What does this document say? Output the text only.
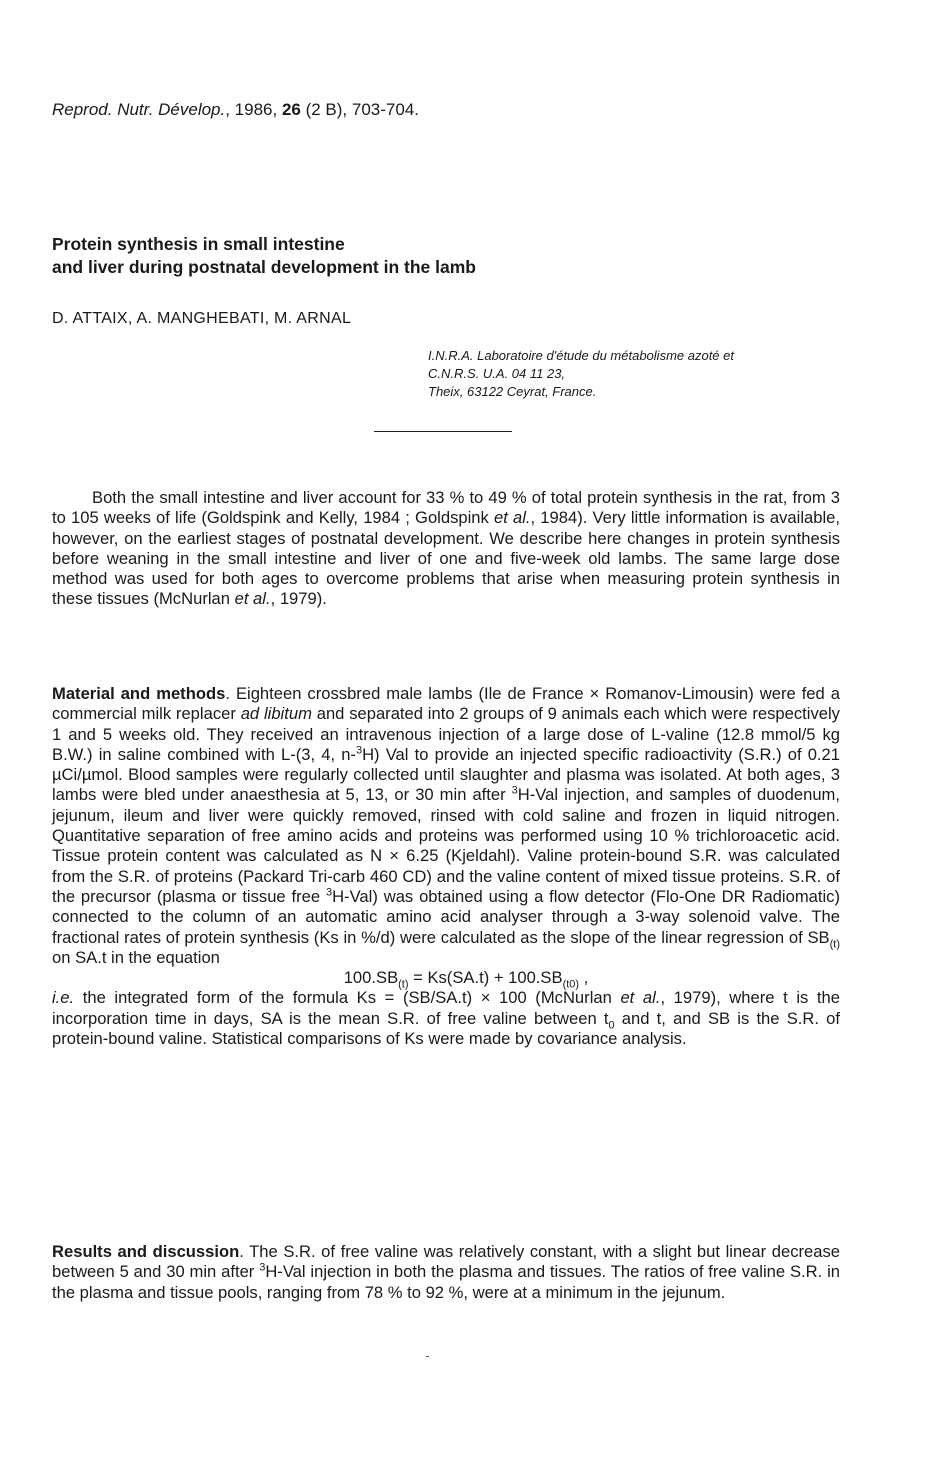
Reprod. Nutr. Dévelop., 1986, 26 (2 B), 703-704.
Protein synthesis in small intestine
and liver during postnatal development in the lamb
D. ATTAIX, A. MANGHEBATI, M. ARNAL
I.N.R.A. Laboratoire d'étude du métabolisme azoté et
C.N.R.S. U.A. 04 11 23,
Theix, 63122 Ceyrat, France.
Both the small intestine and liver account for 33 % to 49 % of total protein synthesis in the rat, from 3 to 105 weeks of life (Goldspink and Kelly, 1984 ; Goldspink et al., 1984). Very little information is available, however, on the earliest stages of postnatal development. We describe here changes in protein synthesis before weaning in the small intestine and liver of one and five-week old lambs. The same large dose method was used for both ages to overcome problems that arise when measuring protein synthesis in these tissues (McNurlan et al., 1979).
Material and methods. Eighteen crossbred male lambs (Ile de France × Romanov-Limousin) were fed a commercial milk replacer ad libitum and separated into 2 groups of 9 animals each which were respectively 1 and 5 weeks old. They received an intravenous injection of a large dose of L-valine (12.8 mmol/5 kg B.W.) in saline combined with L-(3, 4, n-$^3$H) Val to provide an injected specific radioactivity (S.R.) of 0.21 µCi/µmol. Blood samples were regularly collected until slaughter and plasma was isolated. At both ages, 3 lambs were bled under anaesthesia at 5, 13, or 30 min after $^3$H-Val injection, and samples of duodenum, jejunum, ileum and liver were quickly removed, rinsed with cold saline and frozen in liquid nitrogen. Quantitative separation of free amino acids and proteins was performed using 10 % trichloroacetic acid. Tissue protein content was calculated as N × 6.25 (Kjeldahl). Valine protein-bound S.R. was calculated from the S.R. of proteins (Packard Tri-carb 460 CD) and the valine content of mixed tissue proteins. S.R. of the precursor (plasma or tissue free $^3$H-Val) was obtained using a flow detector (Flo-One DR Radiomatic) connected to the column of an automatic amino acid analyser through a 3-way solenoid valve. The fractional rates of protein synthesis (Ks in %/d) were calculated as the slope of the linear regression of $SB_{(t)}$ on SA.t in the equation
$100.SB_{(t)} = Ks(SA.t) + 100.SB_{(t0)}$ ,
i.e. the integrated form of the formula Ks = (SB/SA.t) × 100 (McNurlan et al., 1979), where t is the incorporation time in days, SA is the mean S.R. of free valine between $t_0$ and t, and SB is the S.R. of protein-bound valine. Statistical comparisons of Ks were made by covariance analysis.
Results and discussion. The S.R. of free valine was relatively constant, with a slight but linear decrease between 5 and 30 min after $^3$H-Val injection in both the plasma and tissues. The ratios of free valine S.R. in the plasma and tissue pools, ranging from 78 % to 92 %, were at a minimum in the jejunum.
